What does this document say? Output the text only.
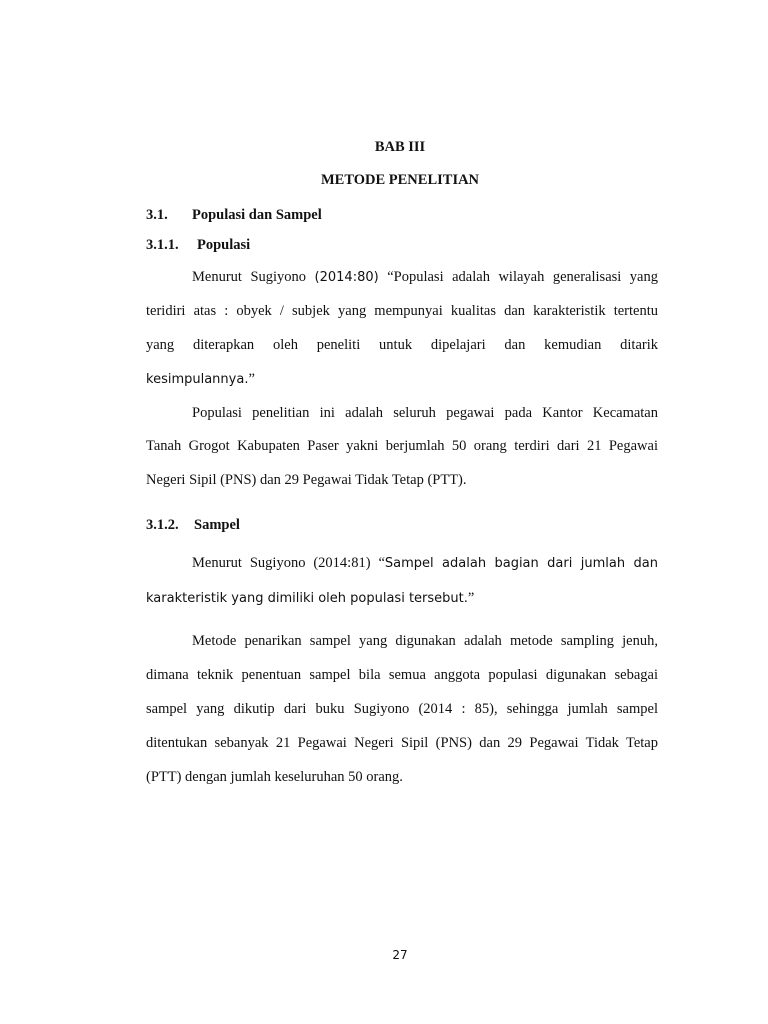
BAB III
METODE PENELITIAN
3.1. Populasi dan Sampel
3.1.1. Populasi
Menurut Sugiyono (2014:80) “Populasi adalah wilayah generalisasi yang
teridiri atas : obyek / subjek yang mempunyai kualitas dan karakteristik tertentu
yang diterapkan oleh peneliti untuk dipelajari dan kemudian ditarik
kesimpulannya.”
Populasi penelitian ini adalah seluruh pegawai pada Kantor Kecamatan
Tanah Grogot Kabupaten Paser yakni berjumlah 50 orang terdiri dari 21 Pegawai
Negeri Sipil (PNS) dan 29 Pegawai Tidak Tetap (PTT).
3.1.2. Sampel
Menurut Sugiyono (2014:81) “Sampel adalah bagian dari jumlah dan
karakteristik yang dimiliki oleh populasi tersebut.”
Metode penarikan sampel yang digunakan adalah metode sampling jenuh,
dimana teknik penentuan sampel bila semua anggota populasi digunakan sebagai
sampel yang dikutip dari buku Sugiyono (2014 : 85), sehingga jumlah sampel
ditentukan sebanyak 21 Pegawai Negeri Sipil (PNS) dan 29 Pegawai Tidak Tetap
(PTT) dengan jumlah keseluruhan 50 orang.
27
